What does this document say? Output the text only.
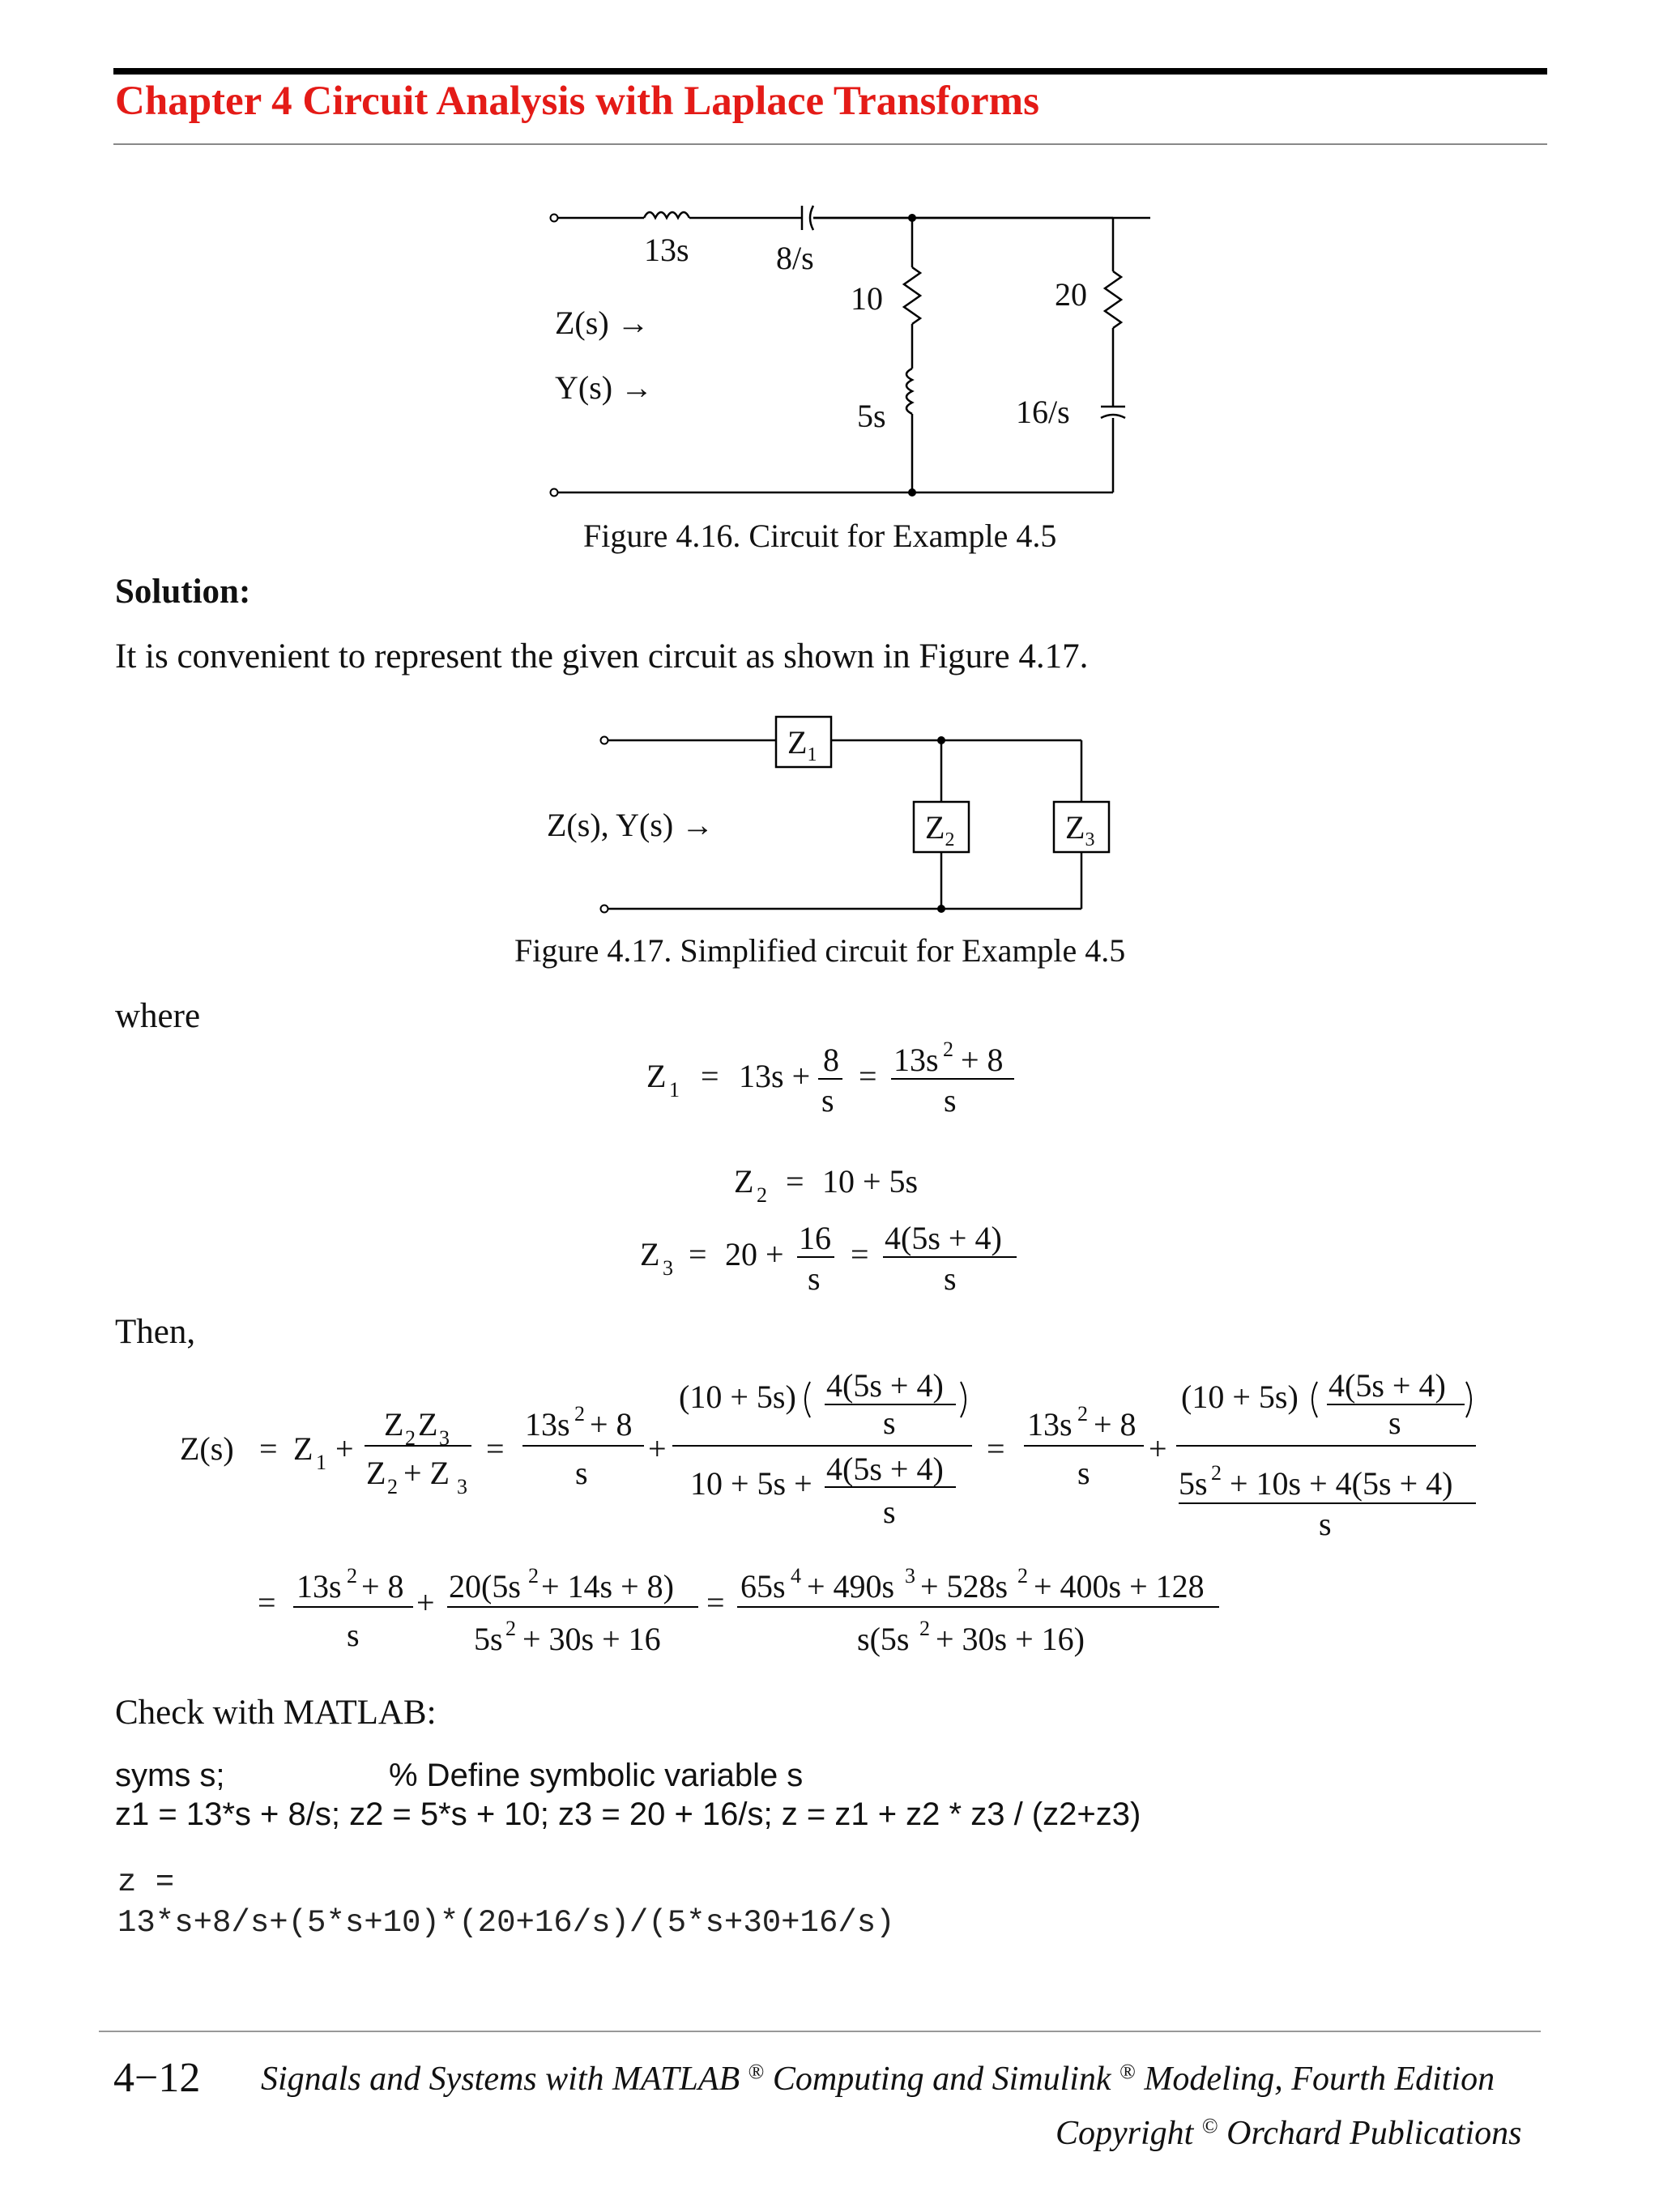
Chapter 4 Circuit Analysis with Laplace Transforms
13s	8/s
10	20
5s	16/s
Z(s) →
Y(s) →
Figure 4.16. Circuit for Example 4.5
Solution:
It is convenient to represent the given circuit as shown in Figure 4.17.
$Z_1$
$Z_2$	$Z_3$
Z(s), Y(s) →
Figure 4.17. Simplified circuit for Example 4.5
where
Z 1 = 13s + 8
s
= 13s 2 + 8
s
Z 2 = 10 + 5s
Z 3 = 20 + 16
s
= 4(5s + 4)
s
Z(s) = Z 1 +
Z 2 Z 3
Z 2 + Z 3
=
13s 2 + 8
s
+
(10 + 5s) 4(5s + 4)
s
10 + 5s + 4(5s + 4)
s
=
13s 2 + 8
s
+
(10 + 5s) 4(5s + 4)
s
5s 2 + 10s + 4(5s + 4)
s
= 13s 2 + 8
s
+ 20(5s 2 + 14s + 8)
5s 2 + 30s + 16
= 65s 4 + 490s 3 + 528s 2 + 400s + 128
s(5s 2 + 30s + 16)
Then,
Check with MATLAB:
syms s;	% Define symbolic variable s
z1 = 13*s + 8/s; z2 = 5*s + 10; z3 = 20 + 16/s; z = z1 + z2 * z3 / (z2+z3)
z =
13*s+8/s+(5*s+10)*(20+16/s)/(5*s+30+16/s)
4−12 Signals and Systems with MATLAB ® Computing and Simulink ® Modeling, Fourth Edition
Copyright © Orchard Publications
